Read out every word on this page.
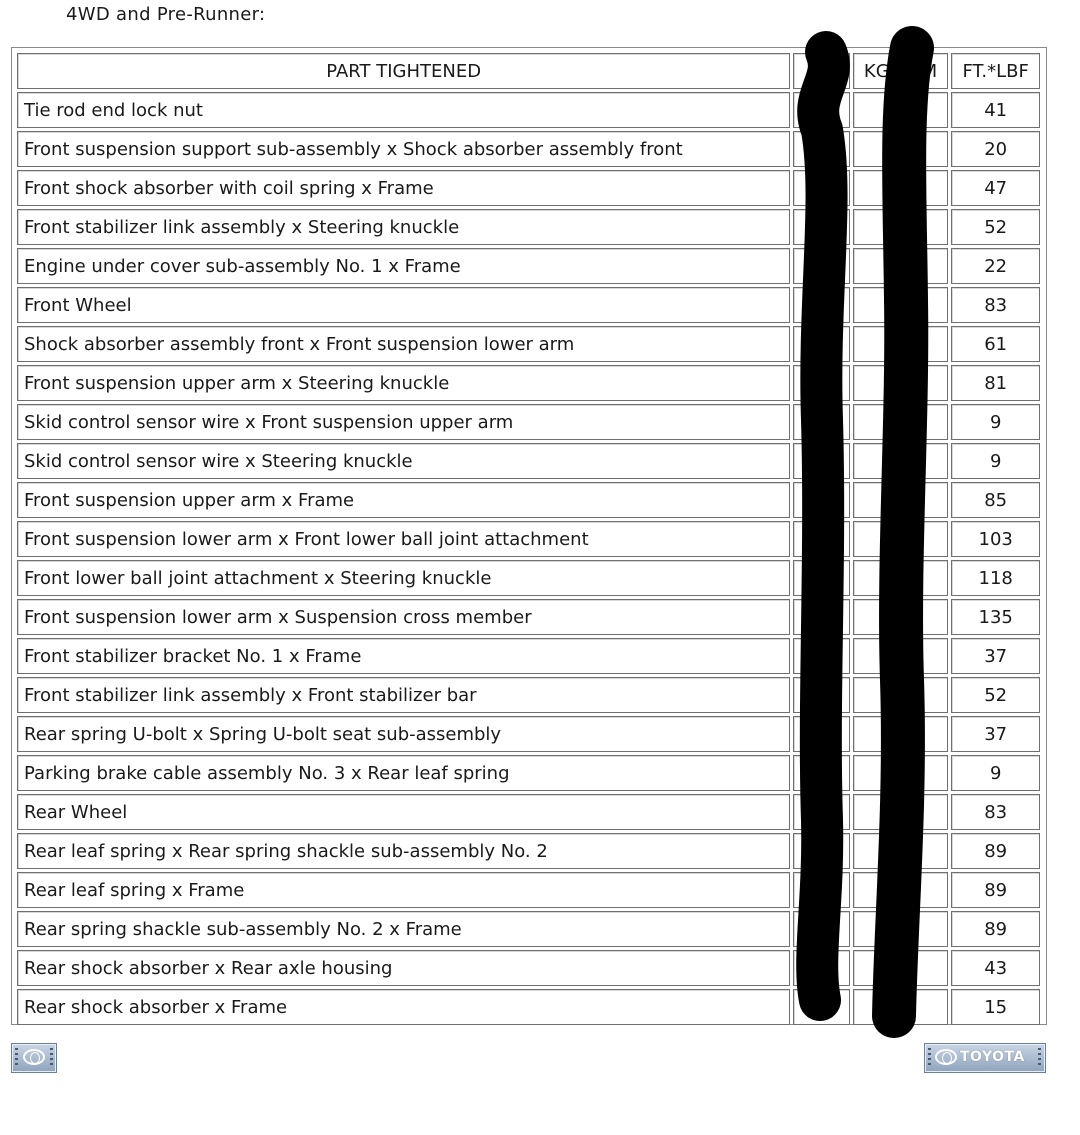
4WD and Pre-Runner:
PART TIGHTENED	N	KGF*CM	FT.*LBF
Tie rod end lock nut			41
Front suspension support sub-assembly x Shock absorber assembly front			20
Front shock absorber with coil spring x Frame			47
Front stabilizer link assembly x Steering knuckle			52
Engine under cover sub-assembly No. 1 x Frame			22
Front Wheel			83
Shock absorber assembly front x Front suspension lower arm			61
Front suspension upper arm x Steering knuckle			81
Skid control sensor wire x Front suspension upper arm			9
Skid control sensor wire x Steering knuckle			9
Front suspension upper arm x Frame			85
Front suspension lower arm x Front lower ball joint attachment			103
Front lower ball joint attachment x Steering knuckle			118
Front suspension lower arm x Suspension cross member			135
Front stabilizer bracket No. 1 x Frame			37
Front stabilizer link assembly x Front stabilizer bar			52
Rear spring U-bolt x Spring U-bolt seat sub-assembly			37
Parking brake cable assembly No. 3 x Rear leaf spring			9
Rear Wheel			83
Rear leaf spring x Rear spring shackle sub-assembly No. 2			89
Rear leaf spring x Frame			89
Rear spring shackle sub-assembly No. 2 x Frame			89
Rear shock absorber x Rear axle housing			43
Rear shock absorber x Frame			15
TOYOTA
